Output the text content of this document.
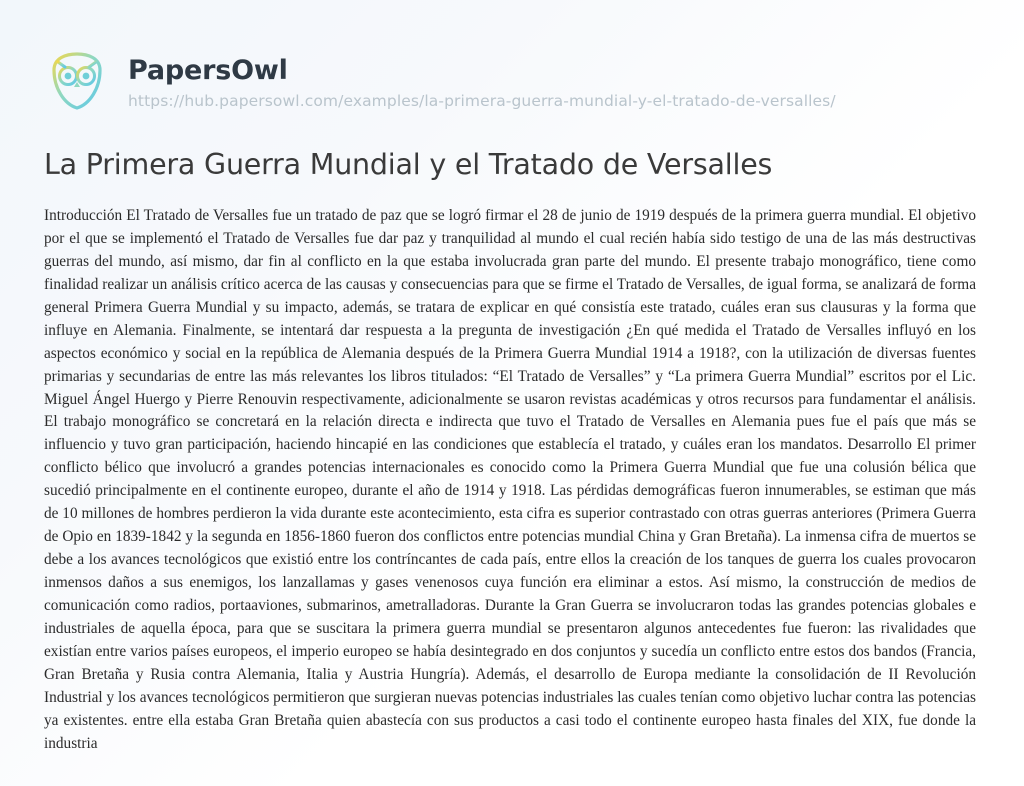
PapersOwl
https://hub.papersowl.com/examples/la-primera-guerra-mundial-y-el-tratado-de-versalles/
La Primera Guerra Mundial y el Tratado de Versalles

Introducción El Tratado de Versalles fue un tratado de paz que se logró firmar el 28 de junio de 1919 después de la primera guerra mundial. El objetivo por el que se implementó el Tratado de Versalles fue dar paz y tranquilidad al mundo el cual recién había sido testigo de una de las más destructivas guerras del mundo, así mismo, dar fin al conflicto en la que estaba involucrada gran parte del mundo. El presente trabajo monográfico, tiene como finalidad realizar un análisis crítico acerca de las causas y consecuencias para que se firme el Tratado de Versalles, de igual forma, se analizará de forma general Primera Guerra Mundial y su impacto, además, se tratara de explicar en qué consistía este tratado, cuáles eran sus clausuras y la forma que influye en Alemania. Finalmente, se intentará dar respuesta a la pregunta de investigación ¿En qué medida el Tratado de Versalles influyó en los aspectos económico y social en la república de Alemania después de la Primera Guerra Mundial 1914 a 1918?, con la utilización de diversas fuentes primarias y secundarias de entre las más relevantes los libros titulados: “El Tratado de Versalles” y “La primera Guerra Mundial” escritos por el Lic. Miguel Ángel Huergo y Pierre Renouvin respectivamente, adicionalmente se usaron revistas académicas y otros recursos para fundamentar el análisis. El trabajo monográfico se concretará en la relación directa e indirecta que tuvo el Tratado de Versalles en Alemania pues fue el país que más se influencio y tuvo gran participación, haciendo hincapié en las condiciones que establecía el tratado, y cuáles eran los mandatos. Desarrollo El primer conflicto bélico que involucró a grandes potencias internacionales es conocido como la Primera Guerra Mundial que fue una colusión bélica que sucedió principalmente en el continente europeo, durante el año de 1914 y 1918. Las pérdidas demográficas fueron innumerables, se estiman que más de 10 millones de hombres perdieron la vida durante este acontecimiento, esta cifra es superior contrastado con otras guerras anteriores (Primera Guerra de Opio en 1839-1842 y la segunda en 1856-1860 fueron dos conflictos entre potencias mundial China y Gran Bretaña). La inmensa cifra de muertos se debe a los avances tecnológicos que existió entre los contríncantes de cada país, entre ellos la creación de los tanques de guerra los cuales provocaron inmensos daños a sus enemigos, los lanzallamas y gases venenosos cuya función era eliminar a estos. Así mismo, la construcción de medios de comunicación como radios, portaaviones, submarinos, ametralladoras. Durante la Gran Guerra se involucraron todas las grandes potencias globales e industriales de aquella época, para que se suscitara la primera guerra mundial se presentaron algunos antecedentes fue fueron: las rivalidades que existían entre varios países europeos, el imperio europeo se había desintegrado en dos conjuntos y sucedía un conflicto entre estos dos bandos (Francia, Gran Bretaña y Rusia contra Alemania, Italia y Austria Hungría). Además, el desarrollo de Europa mediante la consolidación de II Revolución Industrial y los avances tecnológicos permitieron que surgieran nuevas potencias industriales las cuales tenían como objetivo luchar contra las potencias ya existentes. entre ella estaba Gran Bretaña quien abastecía con sus productos a casi todo el continente europeo hasta finales del XIX, fue donde la industria
